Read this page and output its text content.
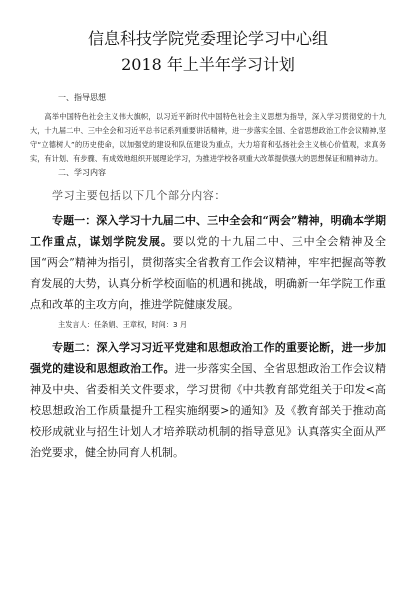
信息科技学院党委理论学习中心组
2018 年上半年学习计划

一、指导思想

高举中国特色社会主义伟大旗帜，以习近平新时代中国特色社会主义思想为指导，深入学习贯彻党的十九大，十九届二中、三中全会和习近平总书记系列重要讲话精神，进一步落实全国、全省思想政治工作会议精神,坚守“立德树人”的历史使命，以加强党的建设和队伍建设为重点，大力培育和弘扬社会主义核心价值观，求真务实，有计划、有步骤、有成效地组织开展理论学习，为推进学校各项重大改革提供强大的思想保证和精神动力。

二、学习内容

学习主要包括以下几个部分内容：

专题一：深入学习十九届二中、三中全会和“两会”精神，明确本学期工作重点，谋划学院发展。要以党的十九届二中、三中全会精神及全国“两会”精神为指引，贯彻落实全省教育工作会议精神，牢牢把握高等教育发展的大势，认真分析学校面临的机遇和挑战，明确新一年学院工作重点和改革的主攻方向，推进学院健康发展。

主发言人：任条娟、王章权，时间：3 月

专题二：深入学习习近平党建和思想政治工作的重要论断，进一步加强党的建设和思想政治工作。进一步落实全国、全省思想政治工作会议精神及中央、省委相关文件要求，学习贯彻《中共教育部党组关于印发<高校思想政治工作质量提升工程实施纲要>的通知》及《教育部关于推动高校形成就业与招生计划人才培养联动机制的指导意见》认真落实全面从严治党要求，健全协同育人机制。
